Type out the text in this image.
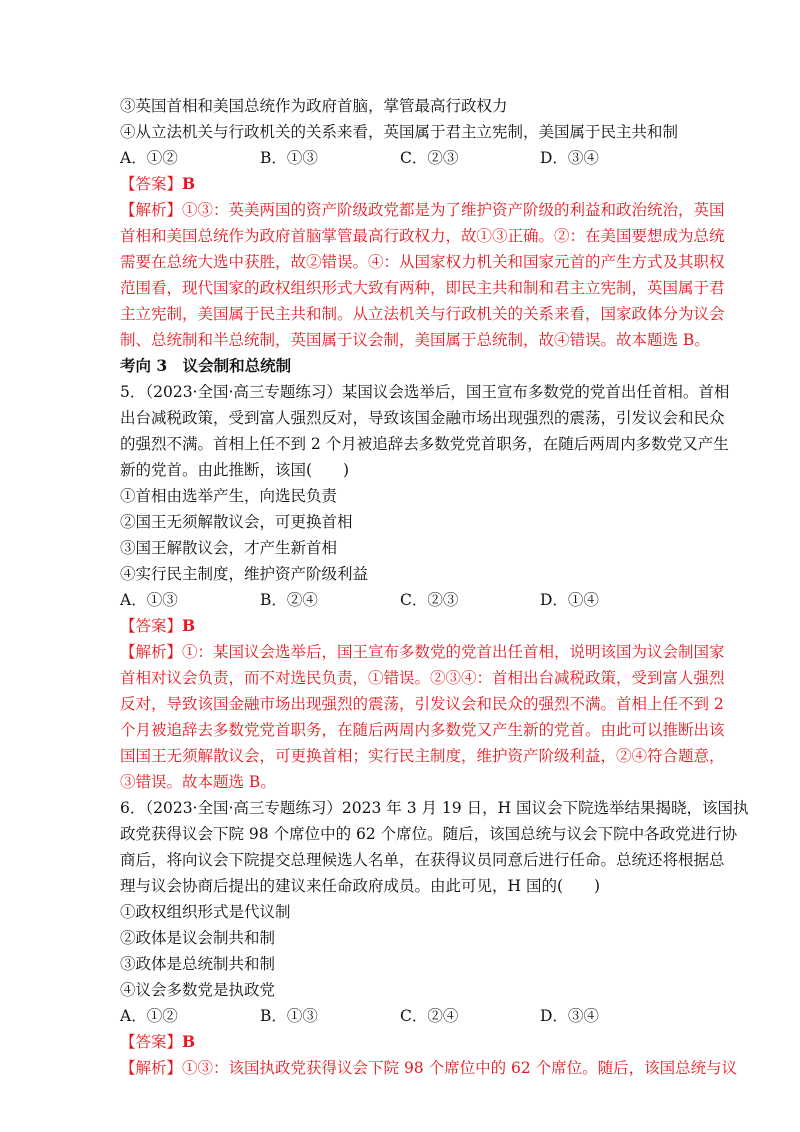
③英国首相和美国总统作为政府首脑，掌管最高行政权力
④从立法机关与行政机关的关系来看，英国属于君主立宪制，美国属于民主共和制
A．①②	B．①③	C．②③	D．③④
【答案】B
【解析】①③：英美两国的资产阶级政党都是为了维护资产阶级的利益和政治统治，英国
首相和美国总统作为政府首脑掌管最高行政权力，故①③正确。②：在美国要想成为总统
需要在总统大选中获胜，故②错误。④：从国家权力机关和国家元首的产生方式及其职权
范围看，现代国家的政权组织形式大致有两种，即民主共和制和君主立宪制，英国属于君
主立宪制，美国属于民主共和制。从立法机关与行政机关的关系来看，国家政体分为议会
制、总统制和半总统制，英国属于议会制，美国属于总统制，故④错误。故本题选 B。
考向 3　议会制和总统制
5．（2023·全国·高三专题练习）某国议会选举后，国王宣布多数党的党首出任首相。首相
出台减税政策，受到富人强烈反对，导致该国金融市场出现强烈的震荡，引发议会和民众
的强烈不满。首相上任不到 2 个月被追辞去多数党党首职务，在随后两周内多数党又产生
新的党首。由此推断，该国(　　)
①首相由选举产生，向选民负责
②国王无须解散议会，可更换首相
③国王解散议会，才产生新首相
④实行民主制度，维护资产阶级利益
A．①③	B．②④	C．②③	D．①④
【答案】B
【解析】①：某国议会选举后，国王宣布多数党的党首出任首相，说明该国为议会制国家
首相对议会负责，而不对选民负责，①错误。②③④：首相出台减税政策，受到富人强烈
反对，导致该国金融市场出现强烈的震荡，引发议会和民众的强烈不满。首相上任不到 2
个月被追辞去多数党党首职务，在随后两周内多数党又产生新的党首。由此可以推断出该
国国王无须解散议会，可更换首相；实行民主制度，维护资产阶级利益，②④符合题意，
③错误。故本题选 B。
6．（2023·全国·高三专题练习）2023 年 3 月 19 日，H 国议会下院选举结果揭晓，该国执
政党获得议会下院 98 个席位中的 62 个席位。随后，该国总统与议会下院中各政党进行协
商后，将向议会下院提交总理候选人名单，在获得议员同意后进行任命。总统还将根据总
理与议会协商后提出的建议来任命政府成员。由此可见，H 国的(　　)
①政权组织形式是代议制
②政体是议会制共和制
③政体是总统制共和制
④议会多数党是执政党
A．①②	B．①③	C．②④	D．③④
【答案】B
【解析】①③：该国执政党获得议会下院 98 个席位中的 62 个席位。随后，该国总统与议
